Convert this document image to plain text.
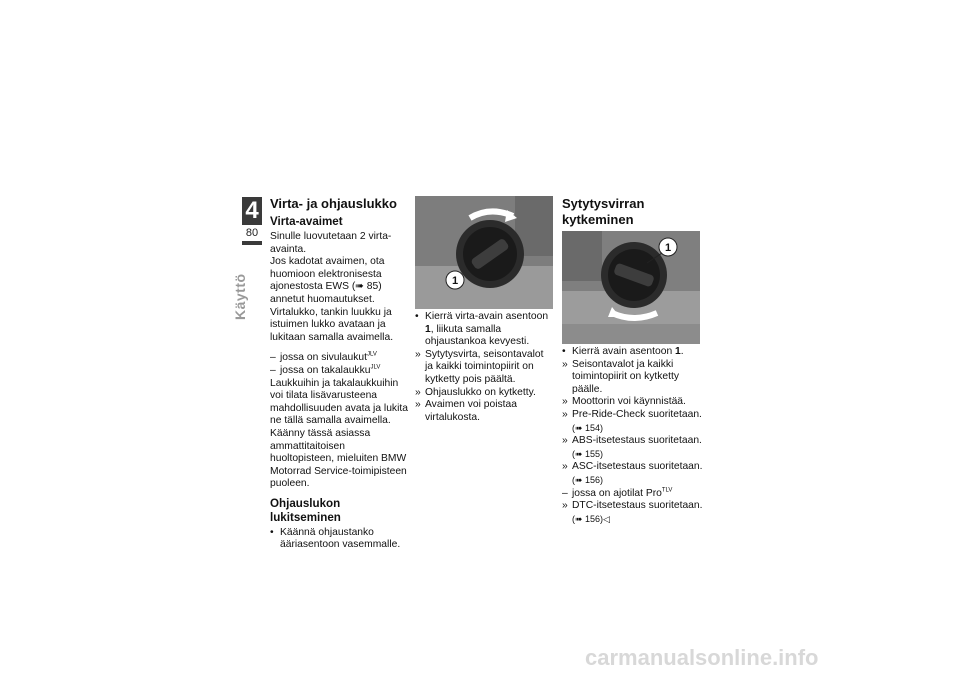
4
80
Käyttö
Virta- ja ohjauslukko
Virta-avaimet

Sinulle luovutetaan 2 virta-avainta.

Jos kadotat avaimen, ota huomioon elektronisesta ajonestosta EWS (➠ 85) annetut huomautukset.

Virtalukko, tankin luukku ja istuimen lukko avataan ja lukitaan samalla avaimella.

– jossa on sivulaukut$^{JLV}$

– jossa on takalaukku$^{JLV}$

Laukkuihin ja takalaukkuihin voi tilata lisävarusteena mahdollisuuden avata ja lukita ne tällä samalla avaimella. Käänny tässä asiassa ammattitaitoisen huoltopisteen, mieluiten BMW Motorrad Service-toimipisteen puoleen.

Ohjauslukon lukitseminen

• Käännä ohjaustanko ääriasentoon vasemmalle.

1

• Kierrä virta-avain asentoon 1, liikuta samalla ohjaustankoa kevyesti.

» Sytytysvirta, seisontavalot ja kaikki toimintopiirit on kytketty pois päältä.

» Ohjauslukko on kytketty.

» Avaimen voi poistaa virtalukosta.

Sytytysvirran kytkeminen
1

• Kierrä avain asentoon 1.

» Seisontavalot ja kaikki toimintopiirit on kytketty päälle.

» Moottorin voi käynnistää.

» Pre-Ride-Check suoritetaan.
(➠ 154)

» ABS-itsetestaus suoritetaan.
(➠ 155)

» ASC-itsetestaus suoritetaan.
(➠ 156)

– jossa on ajotilat Pro$^{TLV}$

» DTC-itsetestaus suoritetaan.
(➠ 156)◁

carmanualsonline.info
